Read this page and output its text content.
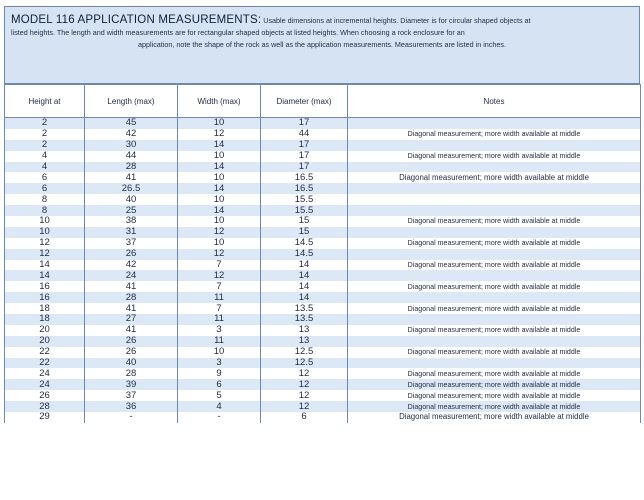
MODEL 116 APPLICATION MEASUREMENTS: Usable dimensions at incremental heights. Diameter is for circular shaped objects at
listed heights. The length and width measurements are for rectangular shaped objects at listed heights. When choosing a rock enclosure for an
application, note the shape of the rock as well as the application measurements. Measurements are listed in inches.
Height at	Length (max)	Width (max)	Diameter (max)	Notes
2	45	10	17	
2	42	12	44	Diagonal measurement; more width available at middle
2	30	14	17	
4	44	10	17	Diagonal measurement; more width available at middle
4	28	14	17	
6	41	10	16.5	Diagonal measurement; more width available at middle
6	26.5	14	16.5	
8	40	10	15.5	
8	25	14	15.5	
10	38	10	15	Diagonal measurement; more width available at middle
10	31	12	15	
12	37	10	14.5	Diagonal measurement; more width available at middle
12	26	12	14.5	
14	42	7	14	Diagonal measurement; more width available at middle
14	24	12	14	
16	41	7	14	Diagonal measurement; more width available at middle
16	28	11	14	
18	41	7	13.5	Diagonal measurement; more width available at middle
18	27	11	13.5	
20	41	3	13	Diagonal measurement; more width available at middle
20	26	11	13	
22	26	10	12.5	Diagonal measurement; more width available at middle
22	40	3	12.5	
24	28	9	12	Diagonal measurement; more width available at middle
24	39	6	12	Diagonal measurement; more width available at middle
26	37	5	12	Diagonal measurement; more width available at middle
28	36	4	12	Diagonal measurement; more width available at middle
29	-	-	6	Diagonal measurement; more width available at middle
